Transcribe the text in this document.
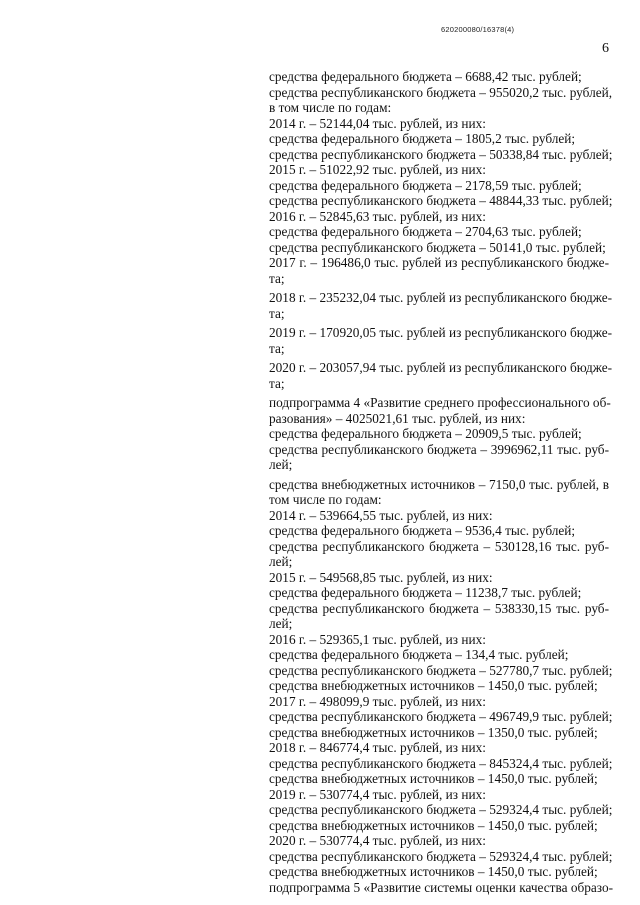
620200080/16378(4)
6
средства федерального бюджета – 6688,42 тыс. рублей;
средства республиканского бюджета – 955020,2 тыс. рублей,
в том числе по годам:
2014 г. – 52144,04 тыс. рублей, из них:
средства федерального бюджета – 1805,2 тыс. рублей;
средства республиканского бюджета – 50338,84 тыс. рублей;
2015 г. – 51022,92 тыс. рублей, из них:
средства федерального бюджета – 2178,59 тыс. рублей;
средства республиканского бюджета – 48844,33 тыс. рублей;
2016 г. – 52845,63 тыс. рублей, из них:
средства федерального бюджета – 2704,63 тыс. рублей;
средства республиканского бюджета – 50141,0 тыс. рублей;
2017 г. – 196486,0 тыс. рублей из республиканского бюдже-
та;
2018 г. – 235232,04 тыс. рублей из республиканского бюдже-
та;
2019 г. – 170920,05 тыс. рублей из республиканского бюдже-
та;
2020 г. – 203057,94 тыс. рублей из республиканского бюдже-
та;
подпрограмма 4 «Развитие среднего профессионального об-
разования» – 4025021,61 тыс. рублей, из них:
средства федерального бюджета – 20909,5 тыс. рублей;
средства республиканского бюджета – 3996962,11 тыс. руб-
лей;
средства внебюджетных источников – 7150,0 тыс. рублей, в
том числе по годам:
2014 г. – 539664,55 тыс. рублей, из них:
средства федерального бюджета – 9536,4 тыс. рублей;
средства республиканского бюджета – 530128,16 тыс. руб-
лей;
2015 г. – 549568,85 тыс. рублей, из них:
средства федерального бюджета – 11238,7 тыс. рублей;
средства республиканского бюджета – 538330,15 тыс. руб-
лей;
2016 г. – 529365,1 тыс. рублей, из них:
средства федерального бюджета – 134,4 тыс. рублей;
средства республиканского бюджета – 527780,7 тыс. рублей;
средства внебюджетных источников – 1450,0 тыс. рублей;
2017 г. – 498099,9 тыс. рублей, из них:
средства республиканского бюджета – 496749,9 тыс. рублей;
средства внебюджетных источников – 1350,0 тыс. рублей;
2018 г. – 846774,4 тыс. рублей, из них:
средства республиканского бюджета – 845324,4 тыс. рублей;
средства внебюджетных источников – 1450,0 тыс. рублей;
2019 г. – 530774,4 тыс. рублей, из них:
средства республиканского бюджета – 529324,4 тыс. рублей;
средства внебюджетных источников – 1450,0 тыс. рублей;
2020 г. – 530774,4 тыс. рублей, из них:
средства республиканского бюджета – 529324,4 тыс. рублей;
средства внебюджетных источников – 1450,0 тыс. рублей;
подпрограмма 5 «Развитие системы оценки качества образо-
